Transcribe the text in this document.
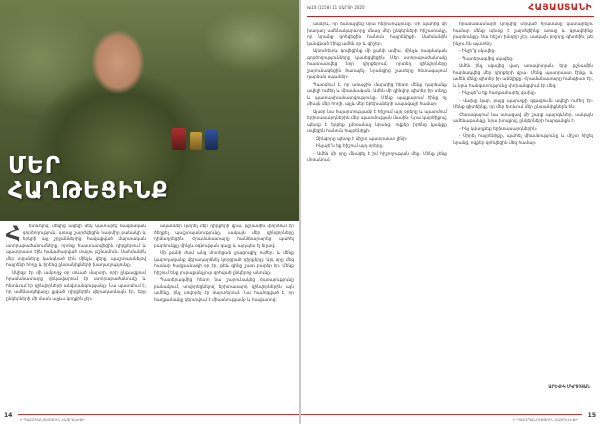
ՄԵՐ
ՀԱՂԹԵՑԻՆՔ
Հ	ետևելով՝ մեկից ավելի մեկ կատարել ռազմական գործողություն, առաջ շարժվեցին Կարմիր բանակի և երկրի այլ շրջաններից հավաքված մարտական ստորաբաժանումները, որոնք հաստատվեցին դիրքերում և պատրաստ էին հակահարված տալու թշնամուն։ Սահմանին մեր տղաները կանգնած էին մինչև վերջ, պաշտպանելով հայրենի հողը և իրենց ընտանիքների խաղաղությունը։

Սկիզբ էր մի ամբողջ օր տևած մարտի, որի ընթացքում հրամանատարը ղեկավարում էր ստորաբաժանումը և հետևում էր զինվորների անվտանգությանը։ Նա պատմում է, որ ամենադժվարը լքված դիրքերին վերադառնալն էր, երբ ընկերների մի մասն այլևս կողքին չէր։

ականներ կտրել մեր դիրքերի վրա, թշնամին փորձում էր ճեղքել պաշտպանությունը, սակայն մեր զինվորները դիմադրեցին։ Հրամանատարը հանձնարարեց պահել բարձունքը մինչև օգնության գալը և այդպես էլ եղավ։

Մի քանի ժամ անց մոտեցան լրացուցիչ ուժեր, և մենք կարողացանք վերադարձնել կորցրած դիրքերը։ Այդ օրը մեզ համար հաղթանակի օր էր, թեև գինը շատ բարձր էր։ Մենք հիշում ենք յուրաքանչյուր զոհված ընկերոջ անունը։

Պատերազմից հետո նա շարունակեց ծառայությունը բանակում, սովորեցնելով երիտասարդ զինվորներին այն ամենը, ինչ սովորել էր մարտերում։ Նա համոզված է, որ հաղթանակը կերտվում է միասնությամբ և հավատով։

14
Ի ՊԱՇՏՊԱՆՈՒԹՅՈՒՆ ՀԱՅՐԵՆԻՔԻ
№10 (1158) 11 ՄԱՐՏԻ 2020	ՀԱՅԱՍՏԱՆԻ

անձրև, որ ճանաչվեց նրա հերոսությունը։ Մի պահից մի խաղաղ ամենակարևորը մնաց մեր ընկերների հիշատակը, որ նրանք զոհվեցին հանուն հայրենիքի։ Սահմանին կանգնած էինք ամեն օր և գիշեր։

Այնուհետև կռվեցինք մի քանի ամիս, մինչև ռազմական գործողությունները կասեցվեցին։ Մեր ստորաբաժանումը հաստատվեց նոր դիրքերում, որտեղ զինվորները շարունակեցին ծառայել։ Նրանցից շատերը հետագայում դարձան սպաներ։

Պատմում է, որ առաջին մարտից հետո մենք դարձանք ավելի ուժեղ և միասնական։ Ամեն մի զինվոր գիտեր իր տեղը և պատասխանատվությունը։ Մենք պայքարում էինք ոչ միայն մեր հողի, այլև մեր երեխաների ապագայի համար։

Այսօր նա հպարտությամբ է հիշում այդ օրերը և պատմում երիտասարդներին մեր պատմության մասին։ Նրա կարծիքով, պետք է երբեք չմոռանալ նրանց, ովքեր իրենց կյանքը տվեցին հանուն հայրենիքի։

- Զինվորը պետք է միշտ պատրաստ լինի։

- Ինչպե՞ս եք հիշում այդ օրերը։

- Ամեն մի օրը մնացել է իմ հիշողության մեջ։ Մենք չենք մոռանում։

հրամանատարի կողմից տրված հրամանը կատարելու համար մենք պետք է շարժվեինք առաջ և գրավեինք բարձունքը։ Սա հեշտ խնդիր չէր, սակայն բոլորը գիտեին, թե ինչու են այստեղ։

- Ինչի՞ց սկսվեց։

- Պատերազմից սկսվեց։

Ամեն ինչ սկսվեց վաղ առավոտյան, երբ թշնամին հարձակվեց մեր դիրքերի վրա։ Մենք պատրաստ էինք, և ամեն մեկը գիտեր իր անելիքը։ Հրամանատարը հանգիստ էր, և նրա հանգստությունը փոխանցվում էր մեզ։

- Ինչպե՞ս եք հաղթահարել վախը։

- Վախը կար, բայց պարտքի զգացումն ավելի ուժեղ էր։ Մենք գիտեինք, որ մեր ետևում մեր ընտանիքներն են։

Հետագայում նա ստացավ մի շարք պարգևներ, սակայն ամենաթանկը, նրա խոսքով, ընկերների հարգանքն է։

- Ինչ կմաղթեք երիտասարդներին։

- Սիրել հայրենիքը, պահել միասնությունը և միշտ հիշել նրանց, ովքեր զոհվեցին մեզ համար։

ԱՐԵՎԻԿ ՄԿՐՏՉՅԱՆ
Ի ՊԱՇՏՊԱՆՈՒԹՅՈՒՆ ՀԱՅՐԵՆԻՔԻ
15
